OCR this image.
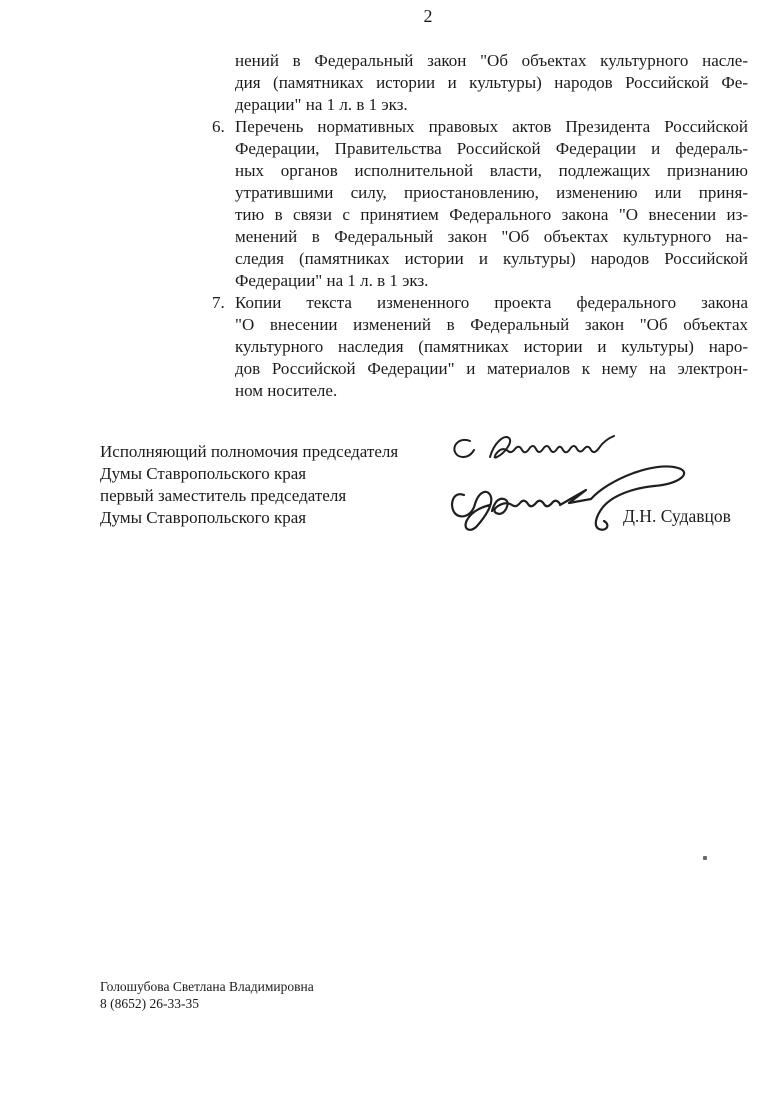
2
нений в Федеральный закон "Об объектах культурного насле-
дия (памятниках истории и культуры) народов Российской Фе-
дерации" на 1 л. в 1 экз.
6. Перечень нормативных правовых актов Президента Российской
Федерации, Правительства Российской Федерации и федераль-
ных органов исполнительной власти, подлежащих признанию
утратившими силу, приостановлению, изменению или приня-
тию в связи с принятием Федерального закона "О внесении из-
менений в Федеральный закон "Об объектах культурного на-
следия (памятниках истории и культуры) народов Российской
Федерации" на 1 л. в 1 экз.
7. Копии текста измененного проекта федерального закона
"О внесении изменений в Федеральный закон "Об объектах
культурного наследия (памятниках истории и культуры) наро-
дов Российской Федерации" и материалов к нему на электрон-
ном носителе.
Исполняющий полномочия председателя
Думы Ставропольского края
первый заместитель председателя
Думы Ставропольского края	Д.Н. Судавцов
Голошубова Светлана Владимировна
8 (8652) 26-33-35
